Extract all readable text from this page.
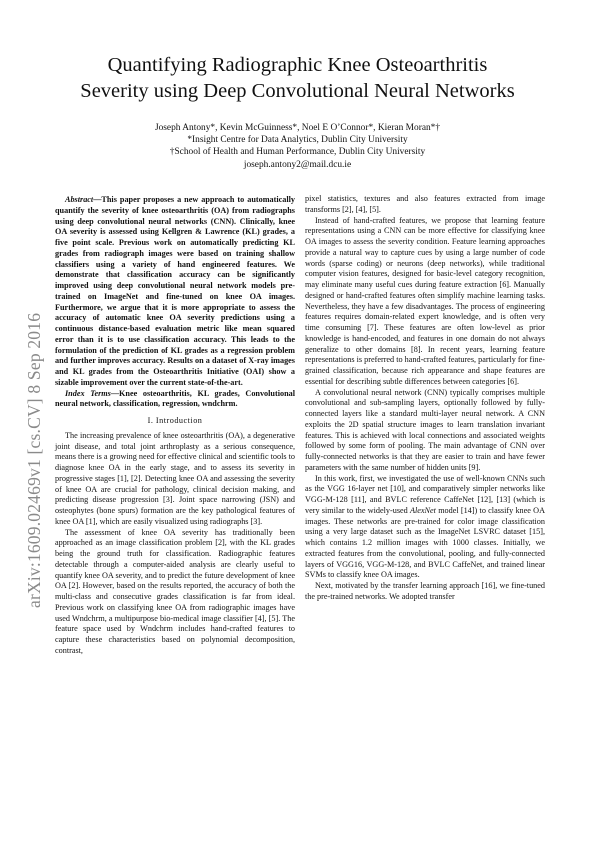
Quantifying Radiographic Knee Osteoarthritis
Severity using Deep Convolutional Neural Networks
Joseph Antony*, Kevin McGuinness*, Noel E O’Connor*, Kieran Moran*†
*Insight Centre for Data Analytics, Dublin City University
†School of Health and Human Performance, Dublin City University
joseph.antony2@mail.dcu.ie
arXiv:1609.02469v1 [cs.CV] 8 Sep 2016

Abstract—This paper proposes a new approach to automatically quantify the severity of knee osteoarthritis (OA) from radiographs using deep convolutional neural networks (CNN). Clinically, knee OA severity is assessed using Kellgren & Lawrence (KL) grades, a five point scale. Previous work on automatically predicting KL grades from radiograph images were based on training shallow classifiers using a variety of hand engineered features. We demonstrate that classification accuracy can be significantly improved using deep convolutional neural network models pre-trained on ImageNet and fine-tuned on knee OA images. Furthermore, we argue that it is more appropriate to assess the accuracy of automatic knee OA severity predictions using a continuous distance-based evaluation metric like mean squared error than it is to use classification accuracy. This leads to the formulation of the prediction of KL grades as a regression problem and further improves accuracy. Results on a dataset of X-ray images and KL grades from the Osteoarthritis Initiative (OAI) show a sizable improvement over the current state-of-the-art.

Index Terms—Knee osteoarthritis, KL grades, Convolutional neural network, classification, regression, wndchrm.

I. Introduction

The increasing prevalence of knee osteoarthritis (OA), a degenerative joint disease, and total joint arthroplasty as a serious consequence, means there is a growing need for effective clinical and scientific tools to diagnose knee OA in the early stage, and to assess its severity in progressive stages [1], [2]. Detecting knee OA and assessing the severity of knee OA are crucial for pathology, clinical decision making, and predicting disease progression [3]. Joint space narrowing (JSN) and osteophytes (bone spurs) formation are the key pathological features of knee OA [1], which are easily visualized using radiographs [3].

The assessment of knee OA severity has traditionally been approached as an image classification problem [2], with the KL grades being the ground truth for classification. Radiographic features detectable through a computer-aided analysis are clearly useful to quantify knee OA severity, and to predict the future development of knee OA [2]. However, based on the results reported, the accuracy of both the multi-class and consecutive grades classification is far from ideal. Previous work on classifying knee OA from radiographic images have used Wndchrm, a multipurpose bio-medical image classifier [4], [5]. The feature space used by Wndchrm includes hand-crafted features to capture these characteristics based on polynomial decomposition, contrast,

pixel statistics, textures and also features extracted from image transforms [2], [4], [5].

Instead of hand-crafted features, we propose that learning feature representations using a CNN can be more effective for classifying knee OA images to assess the severity condition. Feature learning approaches provide a natural way to capture cues by using a large number of code words (sparse coding) or neurons (deep networks), while traditional computer vision features, designed for basic-level category recognition, may eliminate many useful cues during feature extraction [6]. Manually designed or hand-crafted features often simplify machine learning tasks. Nevertheless, they have a few disadvantages. The process of engineering features requires domain-related expert knowledge, and is often very time consuming [7]. These features are often low-level as prior knowledge is hand-encoded, and features in one domain do not always generalize to other domains [8]. In recent years, learning feature representations is preferred to hand-crafted features, particularly for fine-grained classification, because rich appearance and shape features are essential for describing subtle differences between categories [6].

A convolutional neural network (CNN) typically comprises multiple convolutional and sub-sampling layers, optionally followed by fully-connected layers like a standard multi-layer neural network. A CNN exploits the 2D spatial structure images to learn translation invariant features. This is achieved with local connections and associated weights followed by some form of pooling. The main advantage of CNN over fully-connected networks is that they are easier to train and have fewer parameters with the same number of hidden units [9].

In this work, first, we investigated the use of well-known CNNs such as the VGG 16-layer net [10], and comparatively simpler networks like VGG-M-128 [11], and BVLC reference CaffeNet [12], [13] (which is very similar to the widely-used AlexNet model [14]) to classify knee OA images. These networks are pre-trained for color image classification using a very large dataset such as the ImageNet LSVRC dataset [15], which contains 1.2 million images with 1000 classes. Initially, we extracted features from the convolutional, pooling, and fully-connected layers of VGG16, VGG-M-128, and BVLC CaffeNet, and trained linear SVMs to classify knee OA images.

Next, motivated by the transfer learning approach [16], we fine-tuned the pre-trained networks. We adopted transfer
